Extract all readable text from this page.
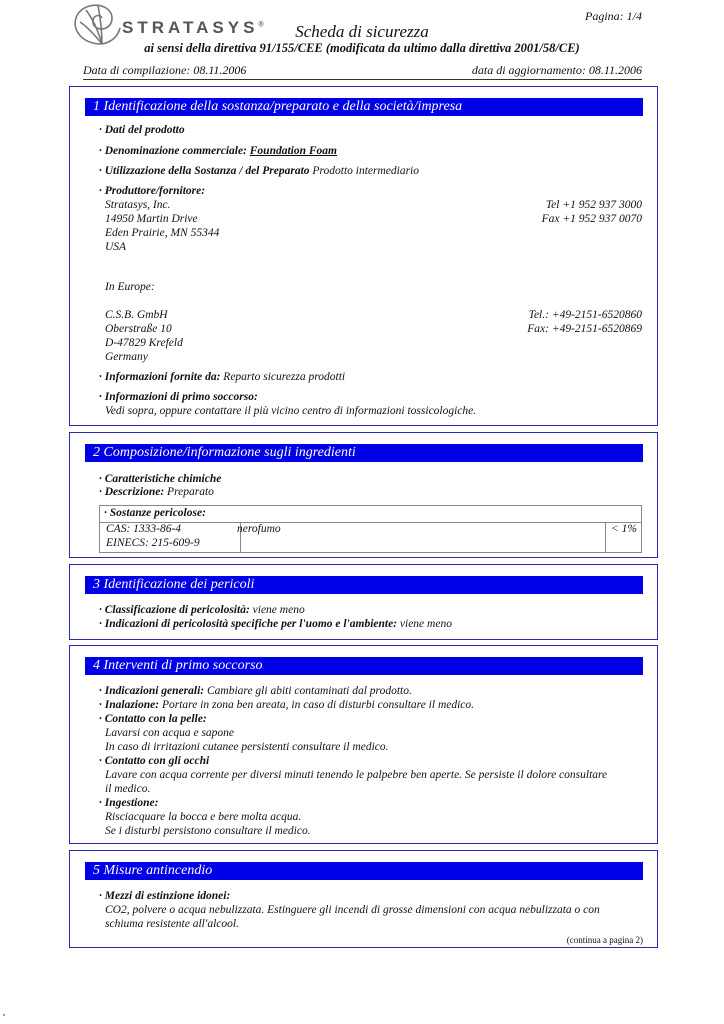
STRATASYS®
Pagina: 1/4
Scheda di sicurezza
ai sensi della direttiva 91/155/CEE (modificata da ultimo dalla direttiva 2001/58/CE)
Data di compilazione: 08.11.2006	data di aggiornamento: 08.11.2006
1 Identificazione della sostanza/preparato e della società/impresa
· Dati del prodotto
· Denominazione commerciale: Foundation Foam
· Utilizzazione della Sostanza / del Preparato Prodotto intermediario
· Produttore/fornitore:
Stratasys, Inc.
14950 Martin Drive
Eden Prairie, MN 55344
USA
Tel +1 952 937 3000
Fax +1 952 937 0070
In Europe:
C.S.B. GmbH
Oberstraße 10
D-47829 Krefeld
Germany
Tel.: +49-2151-6520860
Fax: +49-2151-6520869
· Informazioni fornite da: Reparto sicurezza prodotti
· Informazioni di primo soccorso:
Vedi sopra, oppure contattare il più vicino centro di informazioni tossicologiche.
2 Composizione/informazione sugli ingredienti
· Caratteristiche chimiche
· Descrizione: Preparato
· Sostanze pericolose:
CAS: 1333-86-4
EINECS: 215-609-9
nerofumo	< 1%
3 Identificazione dei pericoli
· Classificazione di pericolosità: viene meno
· Indicazioni di pericolosità specifiche per l'uomo e l'ambiente: viene meno
4 Interventi di primo soccorso
· Indicazioni generali: Cambiare gli abiti contaminati dal prodotto.
· Inalazione: Portare in zona ben areata, in caso di disturbi consultare il medico.
· Contatto con la pelle:
Lavarsi con acqua e sapone
In caso di irritazioni cutanee persistenti consultare il medico.
· Contatto con gli occhi
Lavare con acqua corrente per diversi minuti tenendo le palpebre ben aperte. Se persiste il dolore consultare
il medico.
· Ingestione:
Risciacquare la bocca e bere molta acqua.
Se i disturbi persistono consultare il medico.
5 Misure antincendio
· Mezzi di estinzione idonei:
CO2, polvere o acqua nebulizzata. Estinguere gli incendi di grosse dimensioni con acqua nebulizzata o con
schiuma resistente all'alcool.
(continua a pagina 2)
